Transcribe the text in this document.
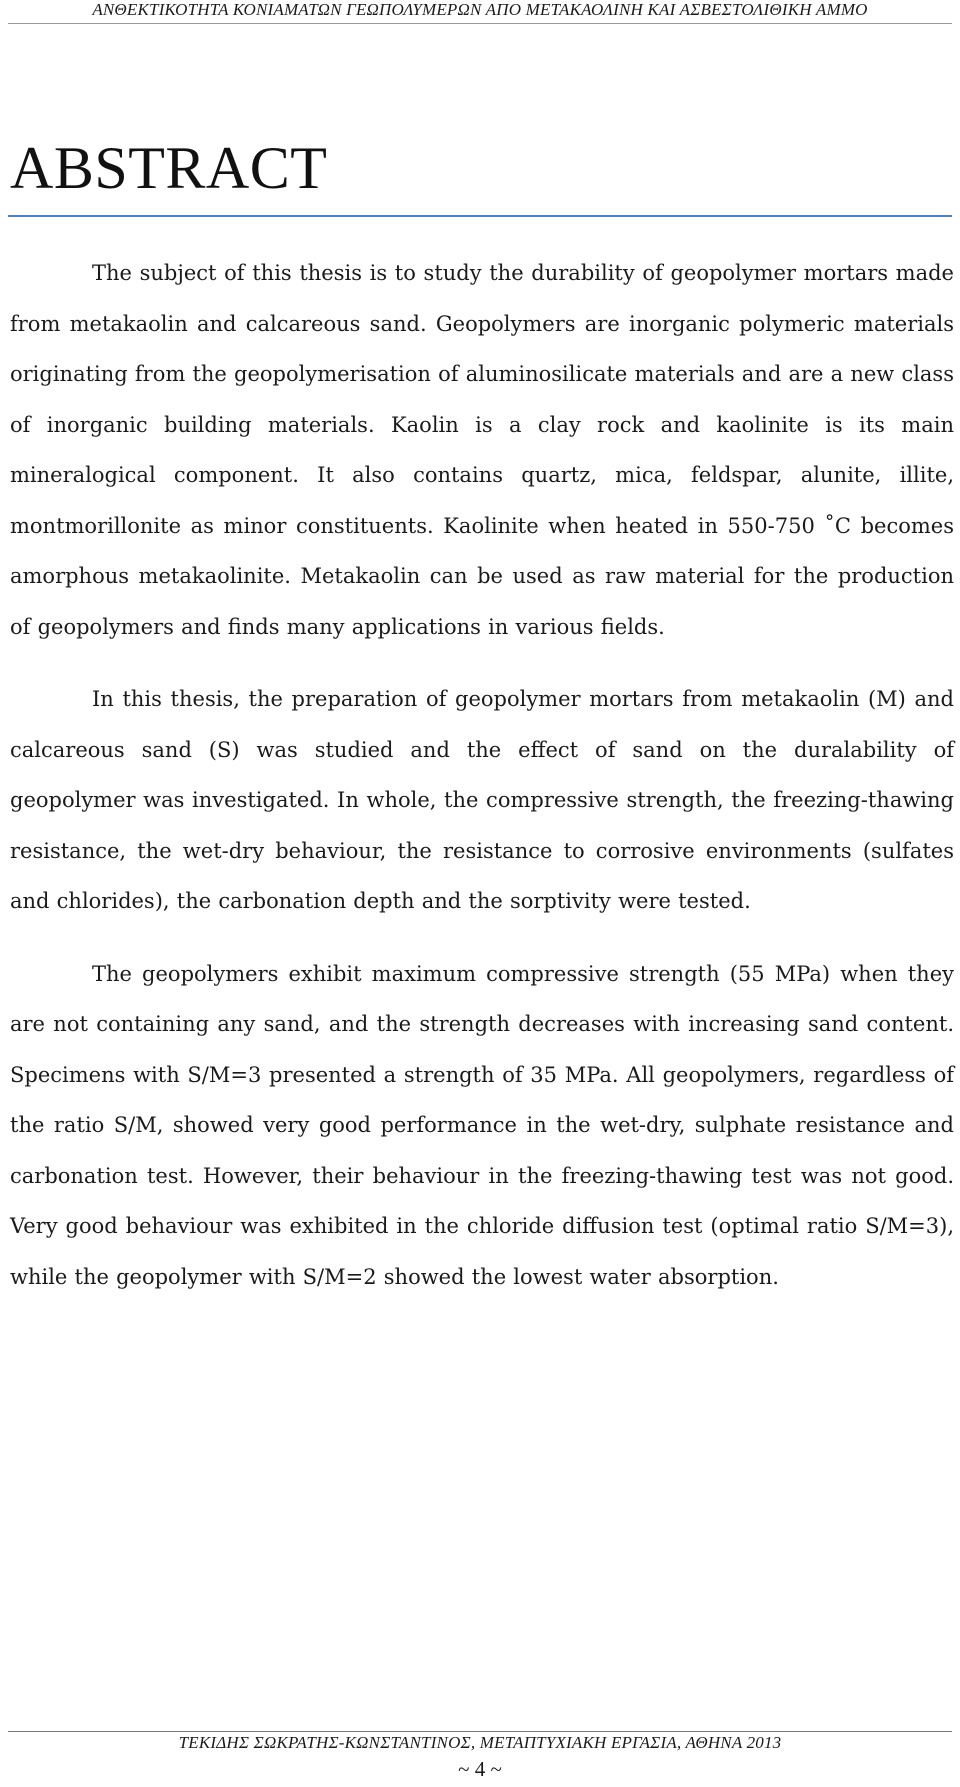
ΑΝΘΕΚΤΙΚΟΤΗΤΑ ΚΟΝΙΑΜΑΤΩΝ ΓΕΩΠΟΛΥΜΕΡΩΝ ΑΠΟ ΜΕΤΑΚΑΟΛΙΝΗ ΚΑΙ ΑΣΒΕΣΤΟΛΙΘΙΚΗ ΑΜΜΟ
ABSTRACT

The subject of this thesis is to study the durability of geopolymer mortars made from metakaolin and calcareous sand. Geopolymers are inorganic polymeric materials originating from the geopolymerisation of aluminosilicate materials and are a new class of inorganic building materials. Kaolin is a clay rock and kaolinite is its main mineralogical component. It also contains quartz, mica, feldspar, alunite, illite, montmorillonite as minor constituents. Kaolinite when heated in 550-750 ˚C becomes amorphous metakaolinite. Metakaolin can be used as raw material for the production of geopolymers and finds many applications in various fields.

In this thesis, the preparation of geopolymer mortars from metakaolin (M) and calcareous sand (S) was studied and the effect of sand on the duralability of geopolymer was investigated. In whole, the compressive strength, the freezing-thawing resistance, the wet-dry behaviour, the resistance to corrosive environments (sulfates and chlorides), the carbonation depth and the sorptivity were tested.

The geopolymers exhibit maximum compressive strength (55 MPa) when they are not containing any sand, and the strength decreases with increasing sand content. Specimens with S/M=3 presented a strength of 35 MPa. All geopolymers, regardless of the ratio S/M, showed very good performance in the wet-dry, sulphate resistance and carbonation test. However, their behaviour in the freezing-thawing test was not good. Very good behaviour was exhibited in the chloride diffusion test (optimal ratio S/M=3), while the geopolymer with S/M=2 showed the lowest water absorption.

ΤΕΚΙΔΗΣ ΣΩΚΡΑΤΗΣ-ΚΩΝΣΤΑΝΤΙΝΟΣ, ΜΕΤΑΠΤΥΧΙΑΚΗ ΕΡΓΑΣΙΑ, ΑΘΗΝΑ 2013
~ 4 ~
